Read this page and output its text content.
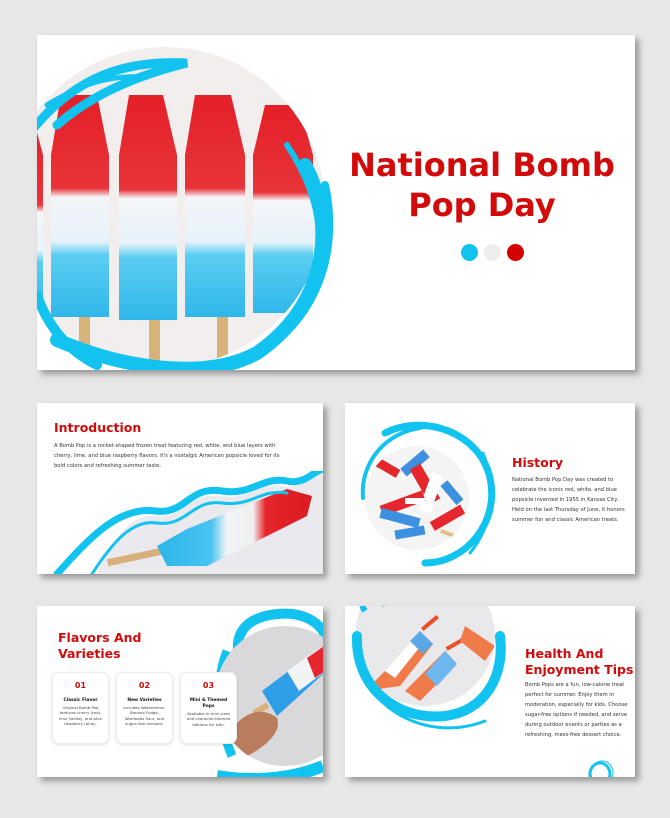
National Bomb
Pop Day
Introduction
A Bomb Pop is a rocket-shaped frozen treat featuring red, white, and blue layers with
cherry, lime, and blue raspberry flavors. It's a nostalgic American popsicle loved for its
bold colors and refreshing summer taste.	History
National Bomb Pop Day was created to
celebrate the iconic red, white, and blue
popsicle invented in 1955 in Kansas City.
Held on the last Thursday of June, it honors
summer fun and classic American treats.
Flavors And
Varieties
01
Classic Flavor
Original Bomb Pop features cherry (red), lime (white), and blue raspberry (blue).
02
New Varieties
Includes Watermelon, Banana Fudge, Warheads Sour, and sugar-free versions.
03
Mini & Themed Pops
Available in mini sizes and character-themed editions for kids.
Health And
Enjoyment Tips
Bomb Pops are a fun, low-calorie treat
perfect for summer. Enjoy them in
moderation, especially for kids. Choose
sugar-free options if needed, and serve
during outdoor events or parties as a
refreshing, mess-free dessert choice.
